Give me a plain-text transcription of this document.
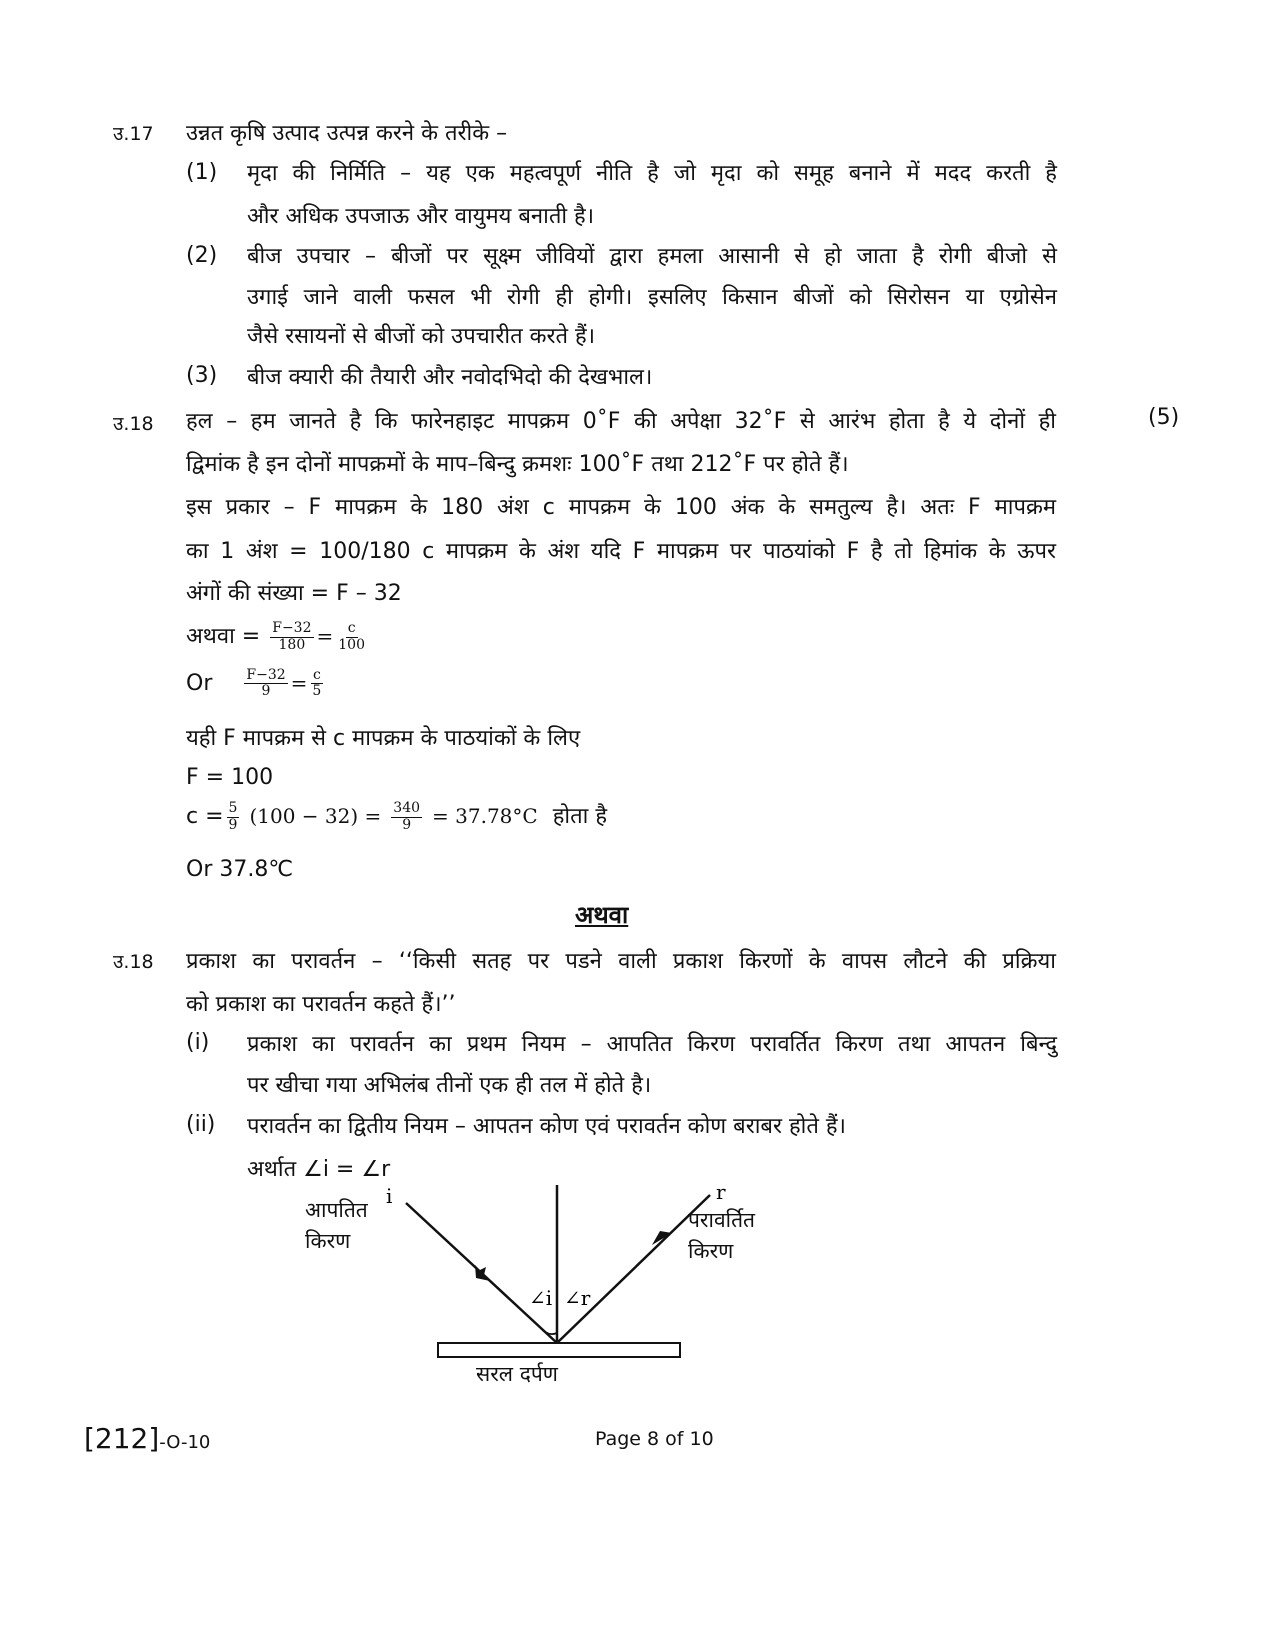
उ.17 उन्नत कृषि उत्पाद उत्पन्न करने के तरीके –
(1) मृदा की निर्मिति – यह एक महत्वपूर्ण नीति है जो मृदा को समूह बनाने में मदद करती है
और अधिक उपजाऊ और वायुमय बनाती है।
(2) बीज उपचार – बीजों पर सूक्ष्म जीवियों द्वारा हमला आसानी से हो जाता है रोगी बीजो से
उगाई जाने वाली फसल भी रोगी ही होगी। इसलिए किसान बीजों को सिरोसन या एग्रोसेन
जैसे रसायनों से बीजों को उपचारीत करते हैं।
(3) बीज क्यारी की तैयारी और नवोदभिदो की देखभाल।
उ.18	(5)
हल – हम जानते है कि फारेनहाइट मापक्रम 0˚F की अपेक्षा 32˚F से आरंभ होता है ये दोनों ही
द्विमांक है इन दोनों मापक्रमों के माप–बिन्दु क्रमशः 100˚F तथा 212˚F पर होते हैं।
इस प्रकार – F मापक्रम के 180 अंश c मापक्रम के 100 अंक के समतुल्य है। अतः F मापक्रम
का 1 अंश = 100/180 c मापक्रम के अंश यदि F मापक्रम पर पाठयांको F है तो हिमांक के ऊपर
अंगों की संख्या = F – 32
अथवा = $\frac{F-32}{180} = \frac{c}{100}$
Or $\frac{F-32}{9} = \frac{c}{5}$
यही F मापक्रम से c मापक्रम के पाठयांकों के लिए
F = 100
$c = \frac{5}{9} (100 - 32) = \frac{340}{9} = 37.78^\circ C$ होता है
Or 37.8℃
अथवा
उ.18 प्रकाश का परावर्तन – ‘‘किसी सतह पर पडने वाली प्रकाश किरणों के वापस लौटने की प्रक्रिया
को प्रकाश का परावर्तन कहते हैं।’’
(i) प्रकाश का परावर्तन का प्रथम नियम – आपतित किरण परावर्तित किरण तथा आपतन बिन्दु
पर खीचा गया अभिलंब तीनों एक ही तल में होते है।
(ii) परावर्तन का द्वितीय नियम – आपतन कोण एवं परावर्तन कोण बराबर होते हैं।
अर्थात ∠i = ∠r
i	r
∠i ∠r
आपतित
किरण
परावर्तित
किरण
सरल दर्पण
[212]-O-10	Page 8 of 10
